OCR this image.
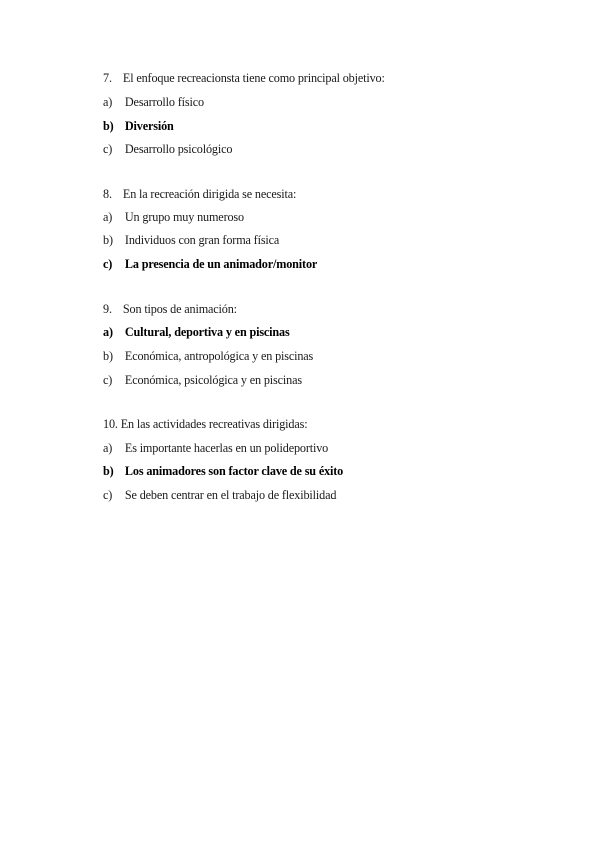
7. El enfoque recreacionsta tiene como principal objetivo:
a) Desarrollo físico
b) Diversión
c) Desarrollo psicológico
8. En la recreación dirigida se necesita:
a) Un grupo muy numeroso
b) Individuos con gran forma física
c) La presencia de un animador/monitor
9. Son tipos de animación:
a) Cultural, deportiva y en piscinas
b) Económica, antropológica y en piscinas
c) Económica, psicológica y en piscinas
10. En las actividades recreativas dirigidas:
a) Es importante hacerlas en un polideportivo
b) Los animadores son factor clave de su éxito
c) Se deben centrar en el trabajo de flexibilidad
